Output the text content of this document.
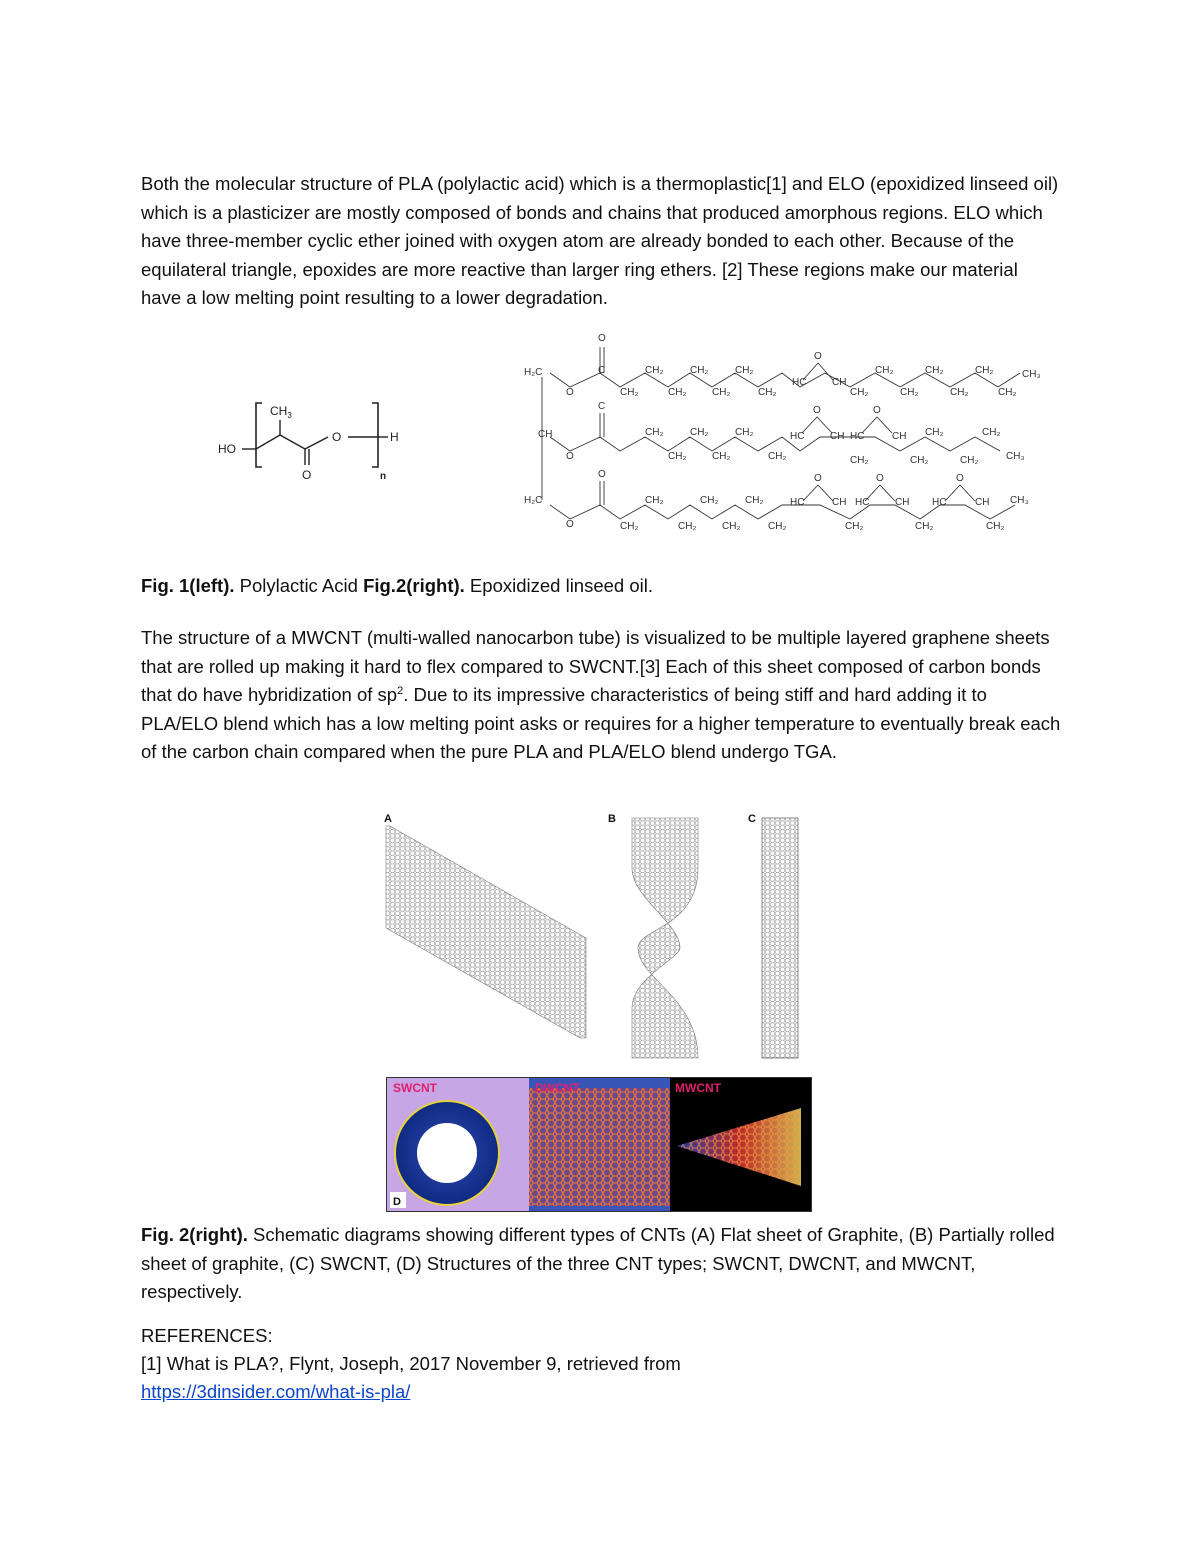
Both the molecular structure of PLA (polylactic acid) which is a thermoplastic[1] and ELO (epoxidized linseed oil) which is a plasticizer are mostly composed of bonds and chains that produced amorphous regions. ELO which have three-member cyclic ether joined with oxygen atom are already bonded to each other. Because of the equilateral triangle, epoxides are more reactive than larger ring ethers. [2] These regions make our material have a low melting point resulting to a lower degradation.

$CH_3$
HO
O
O
H
n
H₂C
O
C
O	CH₂
CH₂
CH₂
CH₂
CH₂
CH₂
CH₂
HC
O
CH
CH₂
CH₂	CH₂
CH₂
CH₂
CH₂
CH₂
CH₃
CH
C
O
CH₂
CH₂
CH₂
CH₂
CH₂
CH₂
HC
O
CH HC
O
CH
CH₂
CH₂
CH₂	CH₂
CH₂
CH₃
H₂C
O
O	CH₂
CH₂
CH₂
CH₂
CH₂
CH₂
CH₂
HC
O
CH
CH₂
HC
O
CH
CH₂
HC
O
CH
CH₂
CH₃

Fig. 1(left). Polylactic Acid Fig.2(right). Epoxidized linseed oil.

The structure of a MWCNT (multi-walled nanocarbon tube) is visualized to be multiple layered graphene sheets that are rolled up making it hard to flex compared to SWCNT.[3] Each of this sheet composed of carbon bonds that do have hybridization of $sp^2$. Due to its impressive characteristics of being stiff and hard adding it to PLA/ELO blend which has a low melting point asks or requires for a higher temperature to eventually break each of the carbon chain compared when the pure PLA and PLA/ELO blend undergo TGA.

A	B	C
SWCNT	DWCNT	MWCNT
D

Fig. 2(right). Schematic diagrams showing different types of CNTs (A) Flat sheet of Graphite, (B) Partially rolled sheet of graphite, (C) SWCNT, (D) Structures of the three CNT types; SWCNT, DWCNT, and MWCNT, respectively.

REFERENCES:
[1] What is PLA?, Flynt, Joseph, 2017 November 9, retrieved from
https://3dinsider.com/what-is-pla/
